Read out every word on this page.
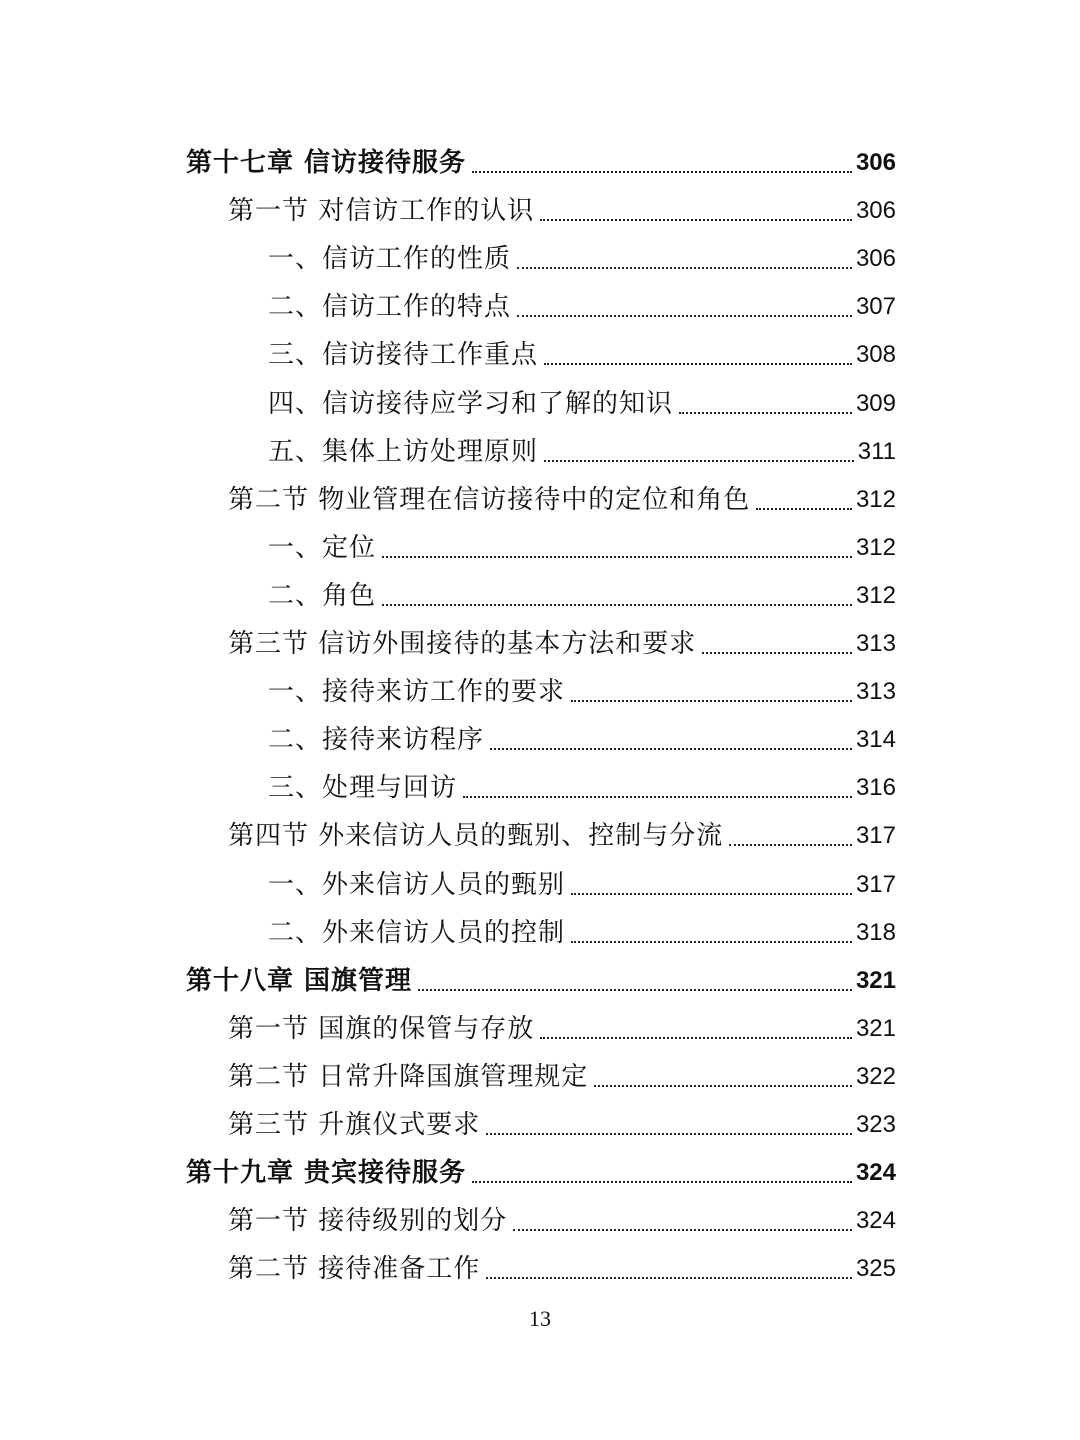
第十七章 信访接待服务	306
第一节 对信访工作的认识	306
一、信访工作的性质	306
二、信访工作的特点	307
三、信访接待工作重点	308
四、信访接待应学习和了解的知识	309
五、集体上访处理原则	311
第二节 物业管理在信访接待中的定位和角色	312
一、定位	312
二、角色	312
第三节 信访外围接待的基本方法和要求	313
一、接待来访工作的要求	313
二、接待来访程序	314
三、处理与回访	316
第四节 外来信访人员的甄别、控制与分流	317
一、外来信访人员的甄别	317
二、外来信访人员的控制	318
第十八章 国旗管理	321
第一节 国旗的保管与存放	321
第二节 日常升降国旗管理规定	322
第三节 升旗仪式要求	323
第十九章 贵宾接待服务	324
第一节 接待级别的划分	324
第二节 接待准备工作	325
13
